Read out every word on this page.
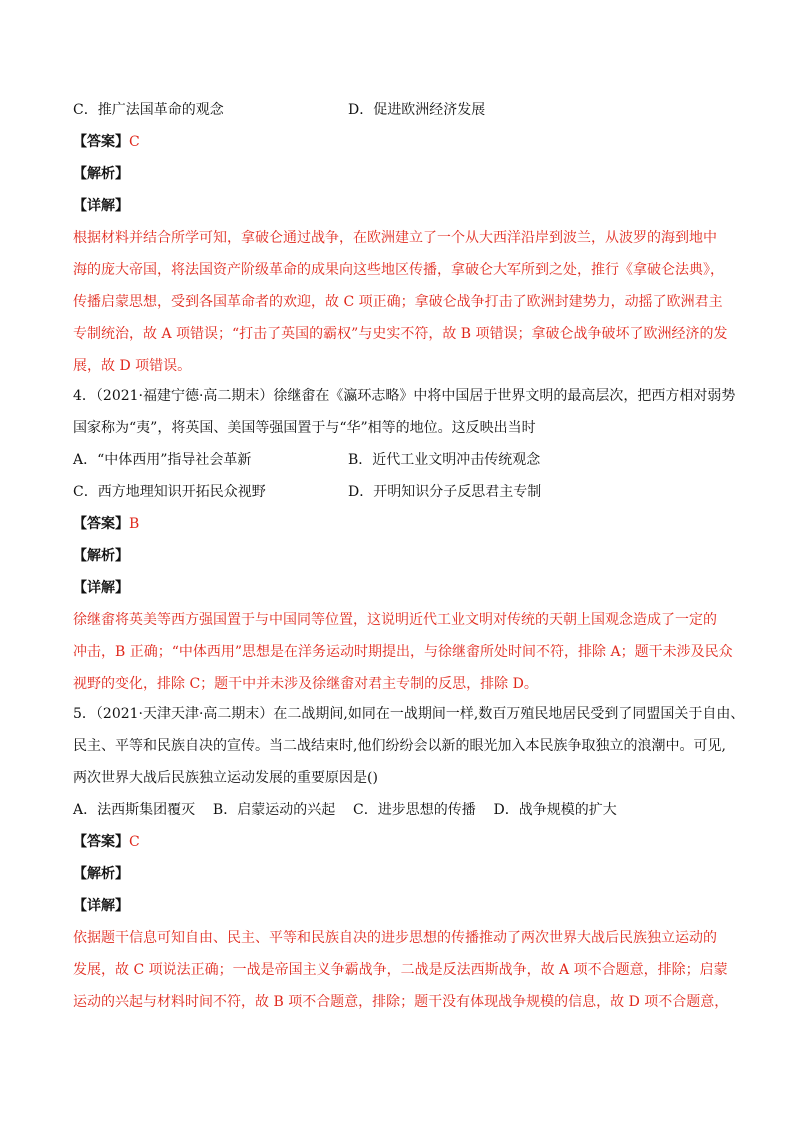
C．推广法国革命的观念	D．促进欧洲经济发展
【答案】C
【解析】
【详解】
根据材料并结合所学可知，拿破仑通过战争，在欧洲建立了一个从大西洋沿岸到波兰，从波罗的海到地中
海的庞大帝国，将法国资产阶级革命的成果向这些地区传播，拿破仑大军所到之处，推行《拿破仑法典》，
传播启蒙思想，受到各国革命者的欢迎，故 C 项正确；拿破仑战争打击了欧洲封建势力，动摇了欧洲君主
专制统治，故 A 项错误；“打击了英国的霸权”与史实不符，故 B 项错误；拿破仑战争破坏了欧洲经济的发
展，故 D 项错误。
4．（2021·福建宁德·高二期末）徐继畬在《瀛环志略》中将中国居于世界文明的最高层次，把西方相对弱势
国家称为“夷”，将英国、美国等强国置于与“华”相等的地位。这反映出当时
A．“中体西用”指导社会革新	B．近代工业文明冲击传统观念
C．西方地理知识开拓民众视野	D．开明知识分子反思君主专制
【答案】B
【解析】
【详解】
徐继畬将英美等西方强国置于与中国同等位置，这说明近代工业文明对传统的天朝上国观念造成了一定的
冲击，B 正确；“中体西用”思想是在洋务运动时期提出，与徐继畬所处时间不符，排除 A；题干未涉及民众
视野的变化，排除 C；题干中并未涉及徐继畬对君主专制的反思，排除 D。
5．（2021·天津天津·高二期末）在二战期间,如同在一战期间一样,数百万殖民地居民受到了同盟国关于自由、
民主、平等和民族自决的宣传。当二战结束时,他们纷纷会以新的眼光加入本民族争取独立的浪潮中。可见,
两次世界大战后民族独立运动发展的重要原因是()
A．法西斯集团覆灭    B．启蒙运动的兴起    C．进步思想的传播    D．战争规模的扩大
【答案】C
【解析】
【详解】
依据题干信息可知自由、民主、平等和民族自决的进步思想的传播推动了两次世界大战后民族独立运动的
发展，故 C 项说法正确；一战是帝国主义争霸战争，二战是反法西斯战争，故 A 项不合题意，排除；启蒙
运动的兴起与材料时间不符，故 B 项不合题意，排除；题干没有体现战争规模的信息，故 D 项不合题意，
